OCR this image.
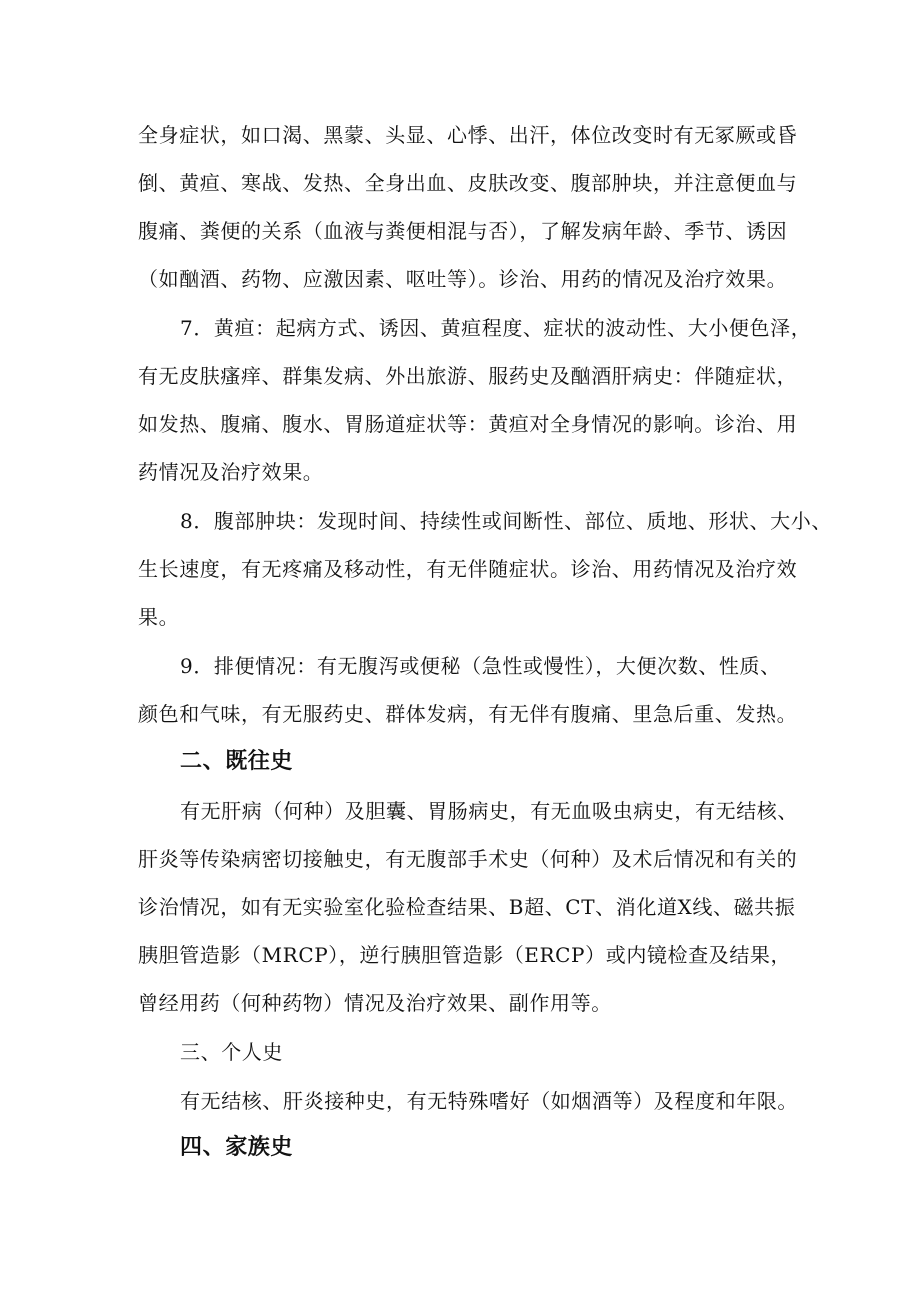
全身症状，如口渴、黑蒙、头显、心悸、出汗，体位改变时有无冢厥或昏
倒、黄疸、寒战、发热、全身出血、皮肤改变、腹部肿块，并注意便血与
腹痛、粪便的关系（血液与粪便相混与否），了解发病年龄、季节、诱因
（如酗酒、药物、应激因素、呕吐等）。诊治、用药的情况及治疗效果。
7．黄疸：起病方式、诱因、黄疸程度、症状的波动性、大小便色泽，
有无皮肤瘙痒、群集发病、外出旅游、服药史及酗酒肝病史：伴随症状，
如发热、腹痛、腹水、胃肠道症状等：黄疸对全身情况的影响。诊治、用
药情况及治疗效果。
8．腹部肿块：发现时间、持续性或间断性、部位、质地、形状、大小、
生长速度，有无疼痛及移动性，有无伴随症状。诊治、用药情况及治疗效
果。
9．排便情况：有无腹泻或便秘（急性或慢性），大便次数、性质、
颜色和气味，有无服药史、群体发病，有无伴有腹痛、里急后重、发热。
二、既往史
有无肝病（何种）及胆囊、胃肠病史，有无血吸虫病史，有无结核、
肝炎等传染病密切接触史，有无腹部手术史（何种）及术后情况和有关的
诊治情况，如有无实验室化验检查结果、B超、CT、消化道X线、磁共振
胰胆管造影（MRCP），逆行胰胆管造影（ERCP）或内镜检查及结果，
曾经用药（何种药物）情况及治疗效果、副作用等。
三、个人史
有无结核、肝炎接种史，有无特殊嗜好（如烟酒等）及程度和年限。
四、家族史
